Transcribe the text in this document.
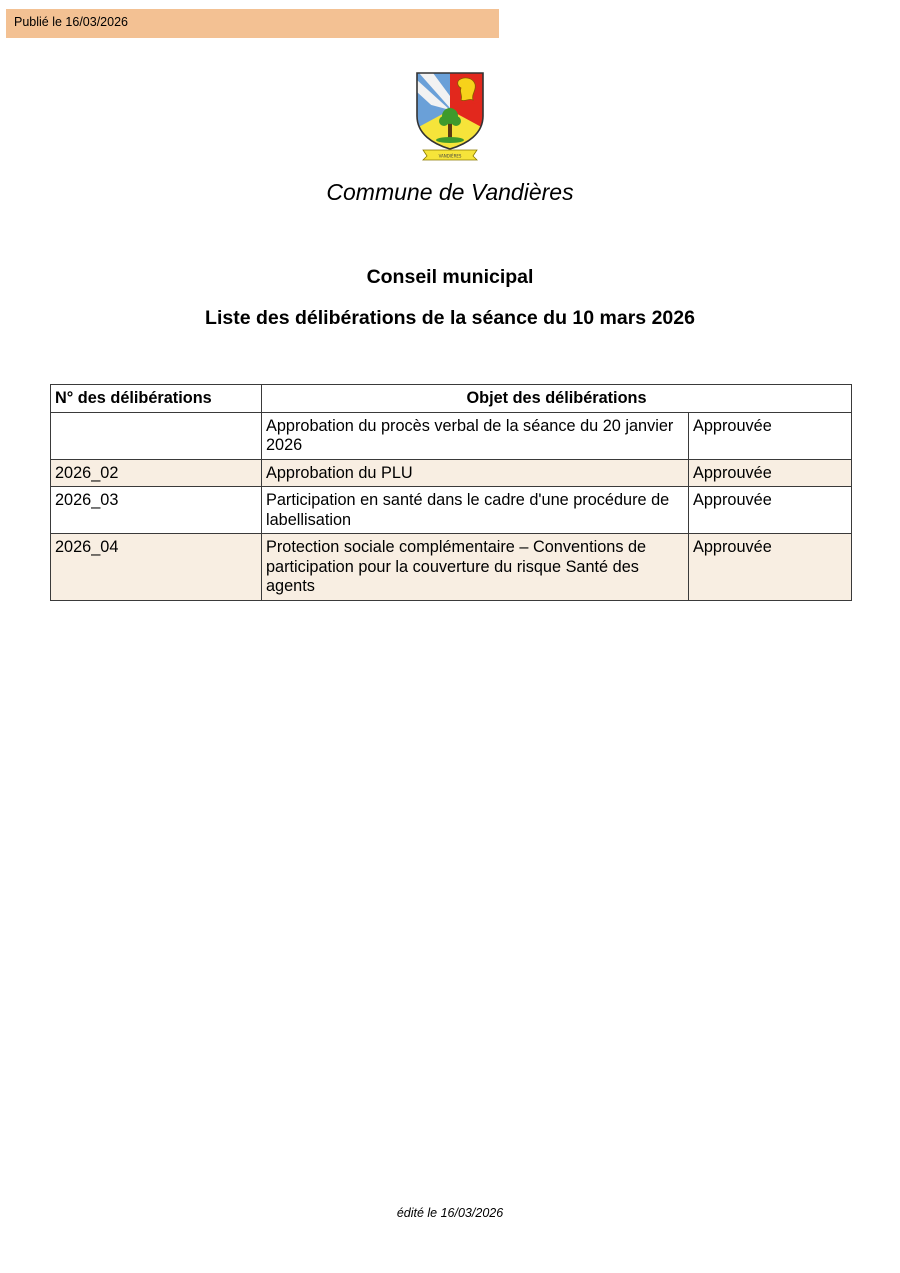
Publié le 16/03/2026
VANDIÈRES
Commune de Vandières
Conseil municipal
Liste des délibérations de la séance du 10 mars 2026
N° des délibérations	Objet des délibérations	
	Approbation du procès verbal de la séance du 20 janvier 2026	Approuvée
2026_02	Approbation du PLU	Approuvée
2026_03	Participation en santé dans le cadre d'une procédure de labellisation	Approuvée
2026_04	Protection sociale complémentaire – Conventions de participation pour la couverture du risque Santé des agents	Approuvée
édité le 16/03/2026
